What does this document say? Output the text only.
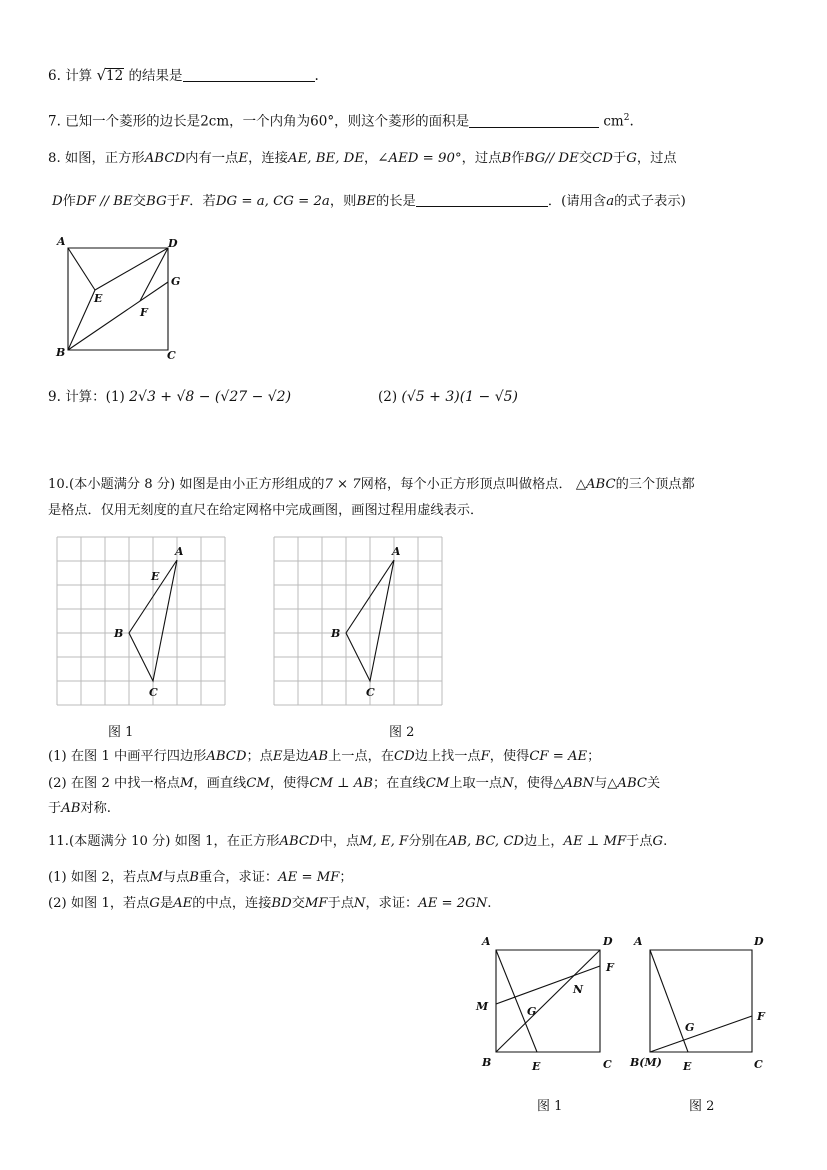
6. 计算 √12 的结果是	.
7. 已知一个菱形的边长是2cm，一个内角为60°，则这个菱形的面积是	$cm^2$.
8. 如图，正方形ABCD内有一点E，连接AE, BE, DE，∠AED = 90°，过点B作BG// DE交CD于G，过点
D作DF // BE交BG于F．若DG = a, CG = 2a，则BE的长是	．(请用含a的式子表示)
A	D
B	C
E
F
G
9. 计算：(1) 2√3 + √8 − (√27 − √2)	(2) (√5 + 3)(1 − √5)
10.(本小题满分 8 分) 如图是由小正方形组成的7 × 7网格，每个小正方形顶点叫做格点． △ABC的三个顶点都
是格点．仅用无刻度的直尺在给定网格中完成画图，画图过程用虚线表示．
A
B
C
E
A
B
C
图 1	图 2
(1) 在图 1 中画平行四边形ABCD；点E是边AB上一点，在CD边上找一点F，使得CF = AE；
(2) 在图 2 中找一格点M，画直线CM，使得CM ⊥ AB；在直线CM上取一点N，使得△ABN与△ABC关
于AB对称.
11.(本题满分 10 分) 如图 1，在正方形ABCD中，点M, E, F分别在AB, BC, CD边上，AE ⊥ MF于点G.
(1) 如图 2，若点M与点B重合，求证：AE = MF；
(2) 如图 1，若点G是AE的中点，连接BD交MF于点N，求证：AE = 2GN.
A	D
B	C
E
F
M	G
N
图 1
A	D
B(M)	C
E
F
G
图 2
